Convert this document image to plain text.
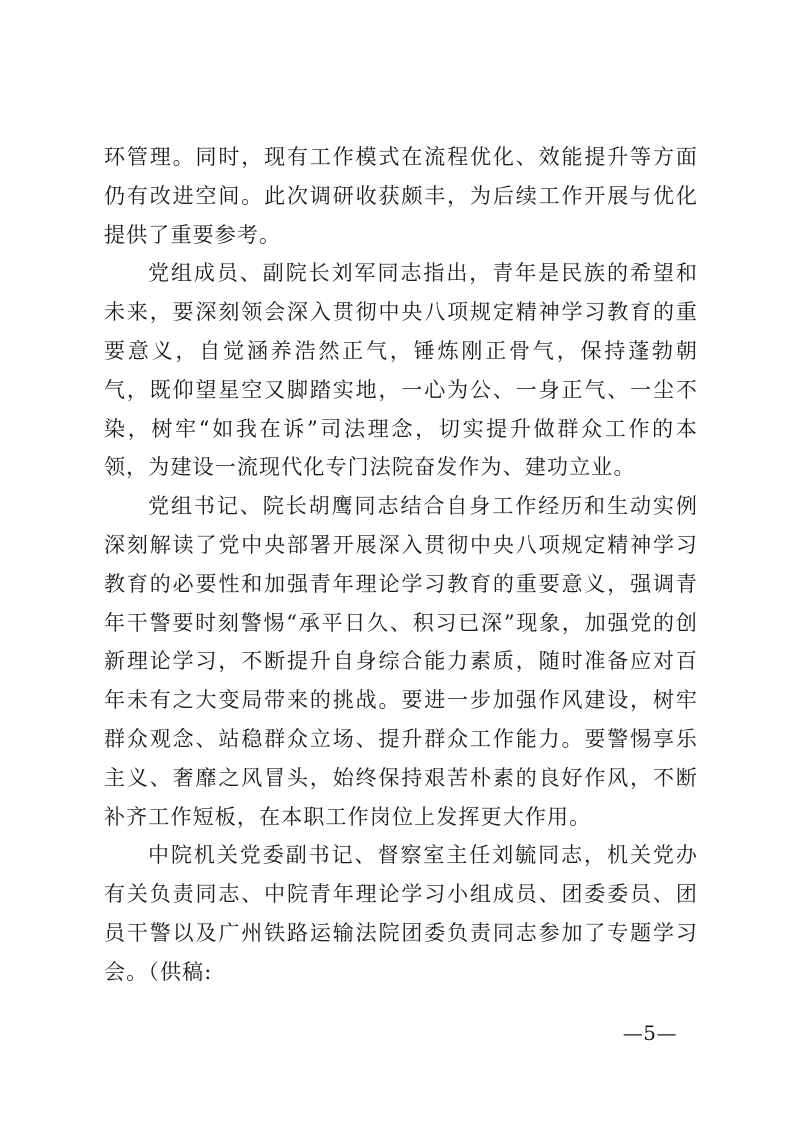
环管理。同时，现有工作模式在流程优化、效能提升等方面仍有改进空间。此次调研收获颇丰，为后续工作开展与优化提供了重要参考。

党组成员、副院长刘军同志指出，青年是民族的希望和未来，要深刻领会深入贯彻中央八项规定精神学习教育的重要意义，自觉涵养浩然正气，锤炼刚正骨气，保持蓬勃朝气，既仰望星空又脚踏实地，一心为公、一身正气、一尘不染，树牢“如我在诉”司法理念，切实提升做群众工作的本领，为建设一流现代化专门法院奋发作为、建功立业。

党组书记、院长胡鹰同志结合自身工作经历和生动实例深刻解读了党中央部署开展深入贯彻中央八项规定精神学习教育的必要性和加强青年理论学习教育的重要意义，强调青年干警要时刻警惕“承平日久、积习已深”现象，加强党的创新理论学习，不断提升自身综合能力素质，随时准备应对百年未有之大变局带来的挑战。要进一步加强作风建设，树牢群众观念、站稳群众立场、提升群众工作能力。要警惕享乐主义、奢靡之风冒头，始终保持艰苦朴素的良好作风，不断补齐工作短板，在本职工作岗位上发挥更大作用。

中院机关党委副书记、督察室主任刘毓同志，机关党办有关负责同志、中院青年理论学习小组成员、团委委员、团员干警以及广州铁路运输法院团委负责同志参加了专题学习会。（供稿:

—5—
